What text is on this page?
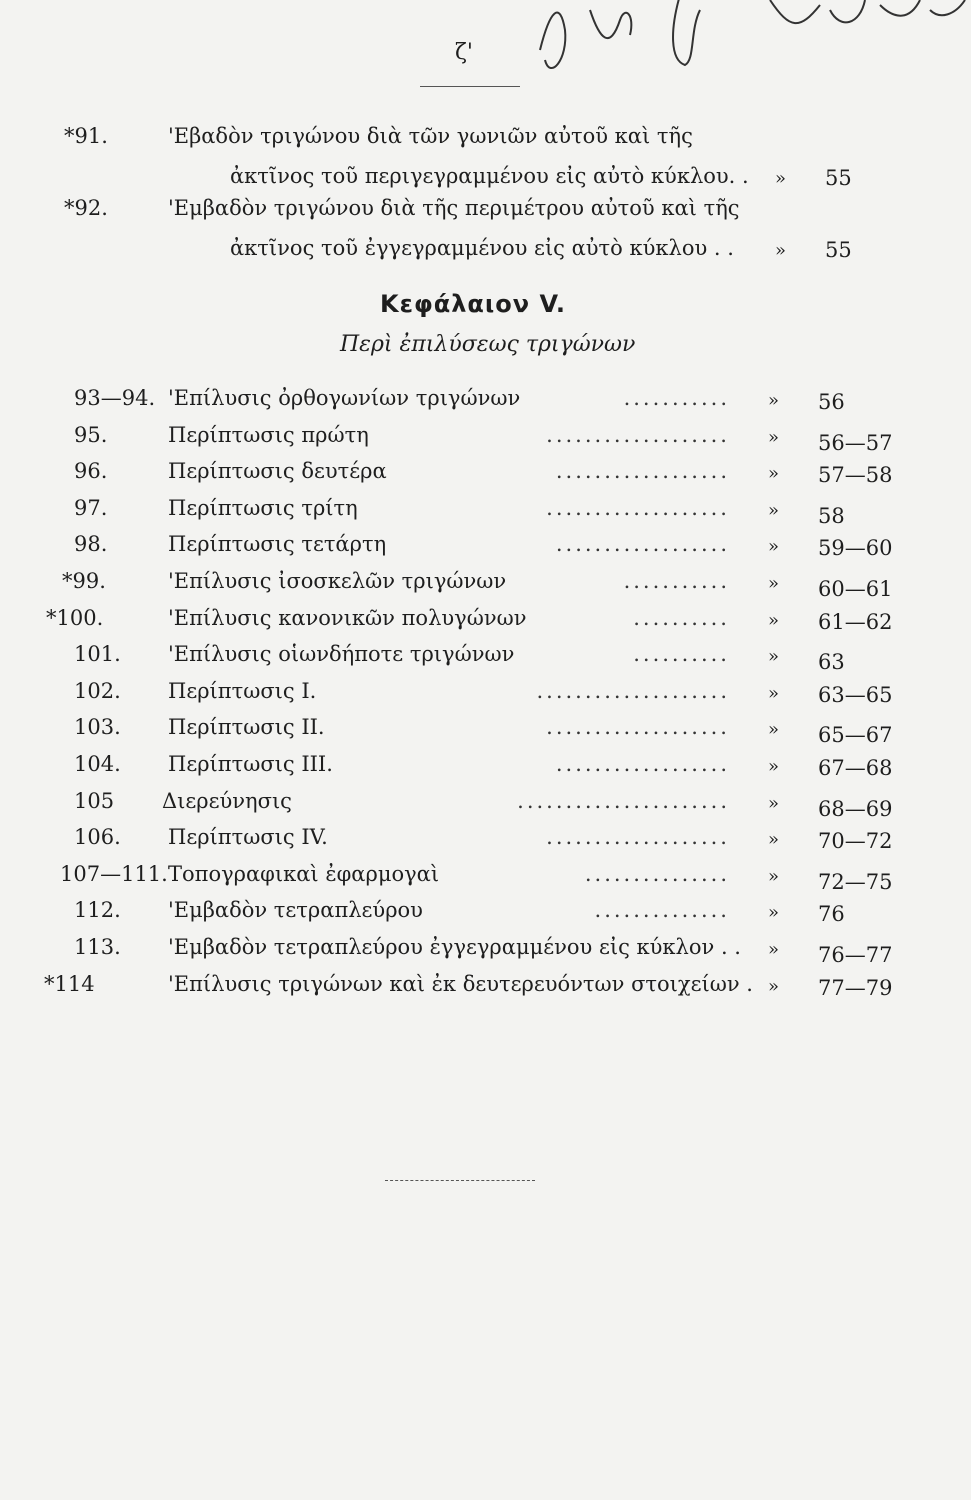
ζ'
*91.	'Εβαδὸν τριγώνου διὰ τῶν γωνιῶν αὐτοῦ καὶ τῆς
ἀκτῖνος τοῦ περιγεγραμμένου εἰς αὐτὸ κύκλου. . » 55
*92.	'Εμβαδὸν τριγώνου διὰ τῆς περιμέτρου αὐτοῦ καὶ τῆς
ἀκτῖνος τοῦ ἐγγεγραμμένου εἰς αὐτὸ κύκλου . . » 55
Κεφάλαιον V.
Περὶ ἐπιλύσεως τριγώνων
93—94. 'Επίλυσις ὀρθογωνίων τριγώνων	........... » 56
95.	Περίπτωσις πρώτη	................... » 56—57
96.	Περίπτωσις δευτέρα	.................. » 57—58
97.	Περίπτωσις τρίτη	................... » 58
98.	Περίπτωσις τετάρτη	.................. » 59—60
*99.	'Επίλυσις ἰσοσκελῶν τριγώνων	........... » 60—61
*100.	'Επίλυσις κανονικῶν πολυγώνων	.......... » 61—62
101. 'Επίλυσις οἱωνδήποτε τριγώνων	.......... » 63
102. Περίπτωσις I.	.................... » 63—65
103. Περίπτωσις II.	................... » 65—67
104. Περίπτωσις III.	.................. » 67—68
105 Διερεύνησις	...................... » 68—69
106. Περίπτωσις IV.	................... » 70—72
107—111. Τοπογραφικαὶ ἐφαρμογαὶ	............... » 72—75
112. 'Εμβαδὸν τετραπλεύρου	.............. » 76
113. 'Εμβαδὸν τετραπλεύρου ἐγγεγραμμένου εἰς κύκλον . . » 76—77
*114	'Επίλυσις τριγώνων καὶ ἐκ δευτερευόντων στοιχείων . » 77—79
